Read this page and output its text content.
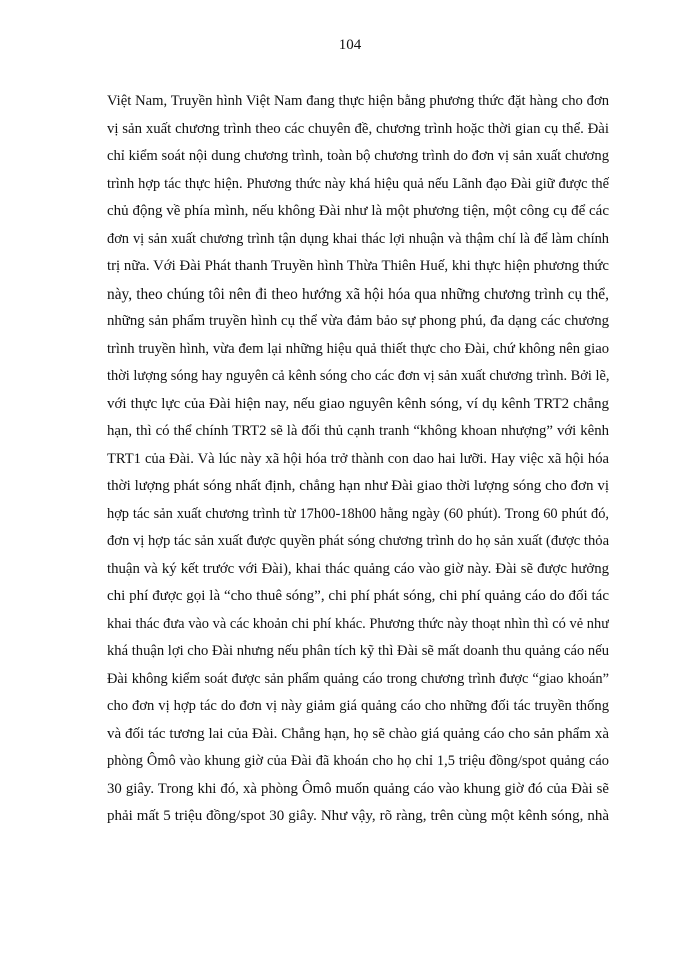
104
Việt Nam, Truyền hình Việt Nam đang thực hiện bằng phương thức đặt hàng cho đơn
vị sản xuất chương trình theo các chuyên đề, chương trình hoặc thời gian cụ thể. Đài
chỉ kiểm soát nội dung chương trình, toàn bộ chương trình do đơn vị sản xuất chương
trình hợp tác thực hiện. Phương thức này khá hiệu quả nếu Lãnh đạo Đài giữ được thế
chủ động về phía mình, nếu không Đài như là một phương tiện, một công cụ để các
đơn vị sản xuất chương trình tận dụng khai thác lợi nhuận và thậm chí là để làm chính
trị nữa. Với Đài Phát thanh Truyền hình Thừa Thiên Huế, khi thực hiện phương thức
này, theo chúng tôi nên đi theo hướng xã hội hóa qua những chương trình cụ thể,
những sản phẩm truyền hình cụ thể vừa đảm bảo sự phong phú, đa dạng các chương
trình truyền hình, vừa đem lại những hiệu quả thiết thực cho Đài, chứ không nên giao
thời lượng sóng hay nguyên cả kênh sóng cho các đơn vị sản xuất chương trình. Bởi lẽ,
với thực lực của Đài hiện nay, nếu giao nguyên kênh sóng, ví dụ kênh TRT2 chẳng
hạn, thì có thể chính TRT2 sẽ là đối thủ cạnh tranh “không khoan nhượng” với kênh
TRT1 của Đài. Và lúc này xã hội hóa trở thành con dao hai lưỡi. Hay việc xã hội hóa
thời lượng phát sóng nhất định, chẳng hạn như Đài giao thời lượng sóng cho đơn vị
hợp tác sản xuất chương trình từ 17h00-18h00 hằng ngày (60 phút). Trong 60 phút đó,
đơn vị hợp tác sản xuất được quyền phát sóng chương trình do họ sản xuất (được thỏa
thuận và ký kết trước với Đài), khai thác quảng cáo vào giờ này. Đài sẽ được hưởng
chi phí được gọi là “cho thuê sóng”, chi phí phát sóng, chi phí quảng cáo do đối tác
khai thác đưa vào và các khoản chi phí khác. Phương thức này thoạt nhìn thì có vẻ như
khá thuận lợi cho Đài nhưng nếu phân tích kỹ thì Đài sẽ mất doanh thu quảng cáo nếu
Đài không kiểm soát được sản phẩm quảng cáo trong chương trình được “giao khoán”
cho đơn vị hợp tác do đơn vị này giảm giá quảng cáo cho những đối tác truyền thống
và đối tác tương lai của Đài. Chẳng hạn, họ sẽ chào giá quảng cáo cho sản phẩm xà
phòng Ômô vào khung giờ của Đài đã khoán cho họ chỉ 1,5 triệu đồng/spot quảng cáo
30 giây. Trong khi đó, xà phòng Ômô muốn quảng cáo vào khung giờ đó của Đài sẽ
phải mất 5 triệu đồng/spot 30 giây. Như vậy, rõ ràng, trên cùng một kênh sóng, nhà
